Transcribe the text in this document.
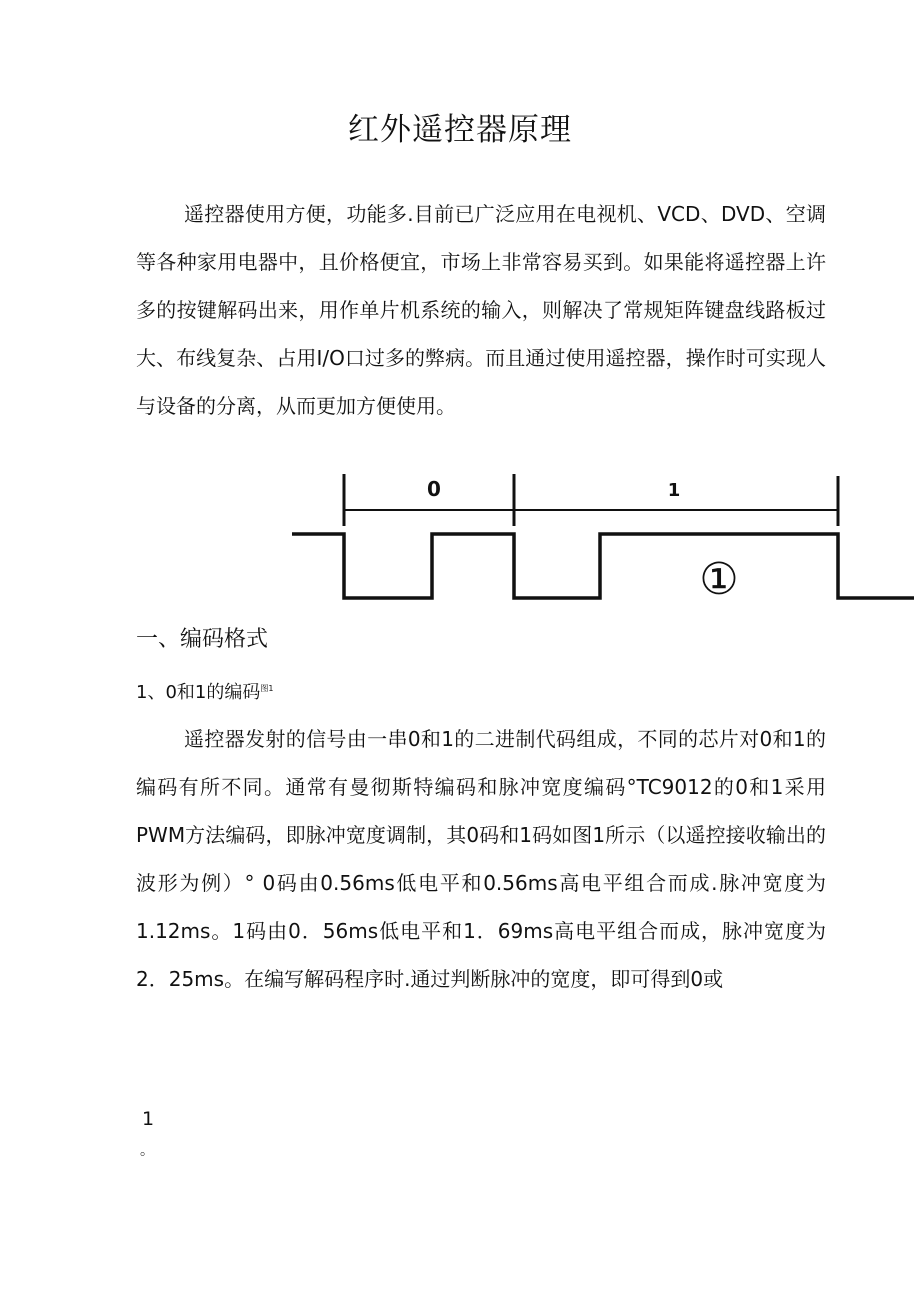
红外遥控器原理

遥控器使用方便，功能多.目前已广泛应用在电视机、VCD、DVD、空调等各种家用电器中，且价格便宜，市场上非常容易买到。如果能将遥控器上许多的按键解码出来，用作单片机系统的输入，则解决了常规矩阵键盘线路板过大、布线复杂、占用I/O口过多的弊病。而且通过使用遥控器，操作时可实现人与设备的分离，从而更加方便使用。

0	1
①
一、编码格式
1、0和1的编码$^{图1}$

遥控器发射的信号由一串0和1的二进制代码组成，不同的芯片对0和1的编码有所不同。通常有曼彻斯特编码和脉冲宽度编码°TC9012的0和1采用PWM方法编码，即脉冲宽度调制，其0码和1码如图1所示（以遥控接收输出的波形为例）° 0码由0.56ms低电平和0.56ms高电平组合而成.脉冲宽度为1.12ms。1码由0．56ms低电平和1．69ms高电平组合而成，脉冲宽度为2．25ms。在编写解码程序时.通过判断脉冲的宽度，即可得到0或

1
。
